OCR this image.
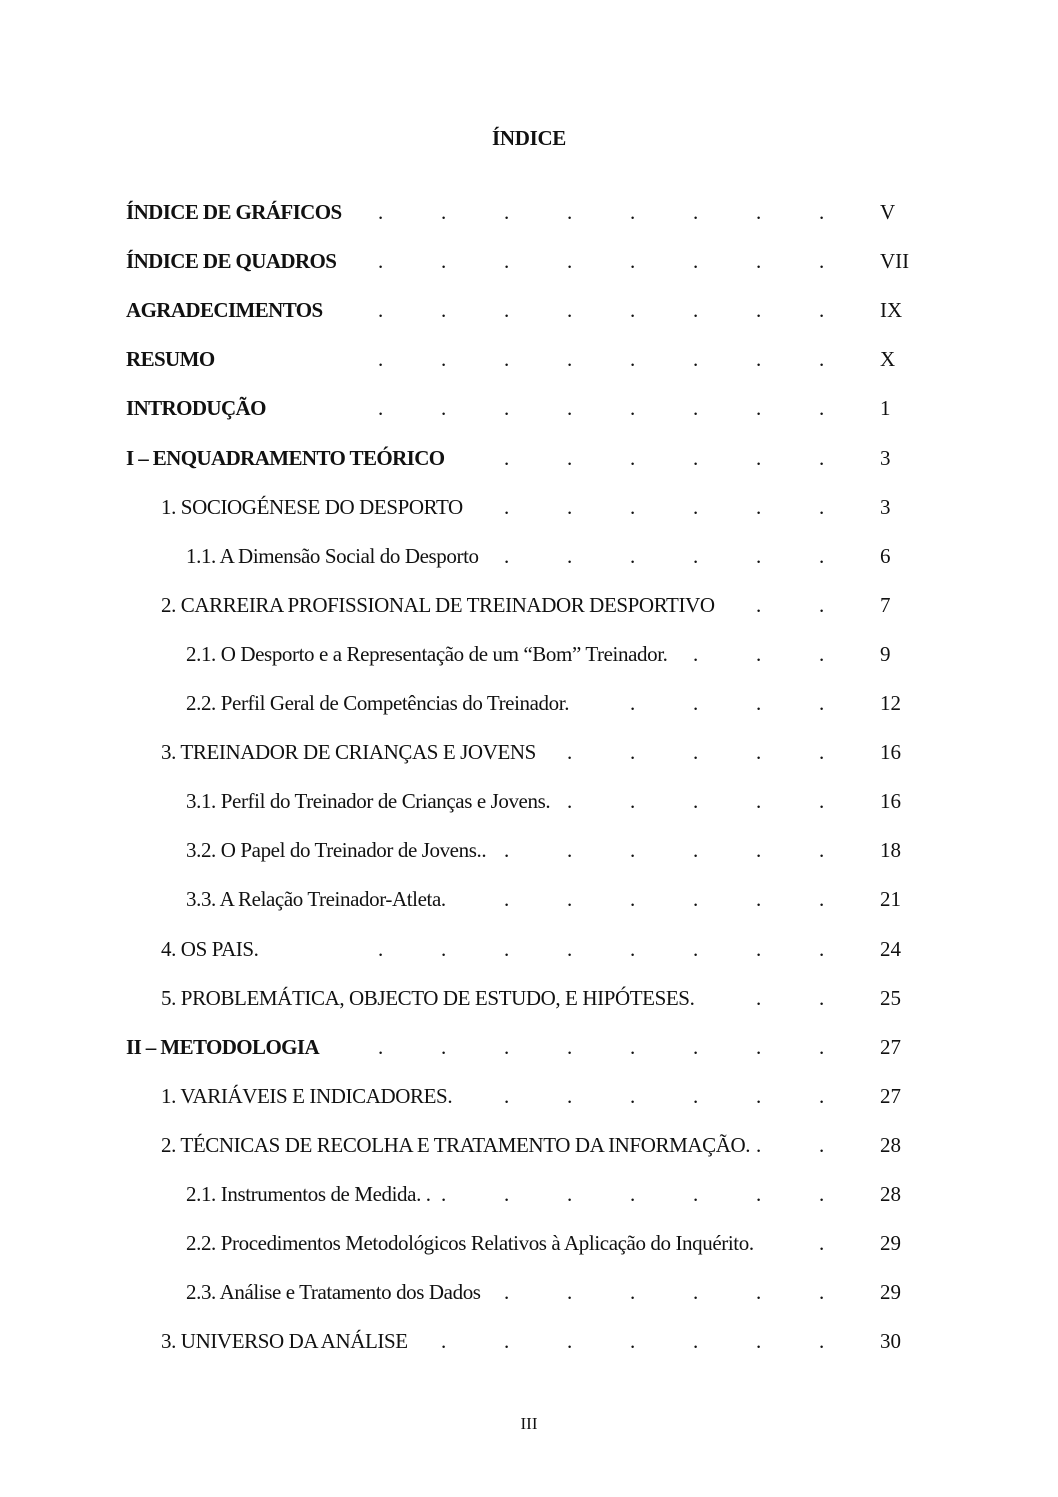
ÍNDICE
ÍNDICE DE GRÁFICOS	V
.	.	.	.	.	.	.	.
ÍNDICE DE QUADROS	VII
.	.	.	.	.	.	.	.
AGRADECIMENTOS	IX
.	.	.	.	.	.	.	.
RESUMO	X
.	.	.	.	.	.	.	.
INTRODUÇÃO	1
.	.	.	.	.	.	.	.
I – ENQUADRAMENTO TEÓRICO	3
.	.	.	.	.	.
1. SOCIOGÉNESE DO DESPORTO	3
.	.	.	.	.	.
1.1. A Dimensão Social do Desporto	6
.	.	.	.	.	.
2. CARREIRA PROFISSIONAL DE TREINADOR DESPORTIVO	7
.	.
2.1. O Desporto e a Representação de um “Bom” Treinador.	9
.	.	.
2.2. Perfil Geral de Competências do Treinador.	12
.	.	.	.
3. TREINADOR DE CRIANÇAS E JOVENS	16
.	.	.	.	.
3.1. Perfil do Treinador de Crianças e Jovens.	16
.	.	.	.	.
3.2. O Papel do Treinador de Jovens..	18
.	.	.	.	.	.
3.3. A Relação Treinador-Atleta.	21
.	.	.	.	.	.
4. OS PAIS.	24
.	.	.	.	.	.	.	.
5. PROBLEMÁTICA, OBJECTO DE ESTUDO, E HIPÓTESES.	25
.	.
II – METODOLOGIA	27
.	.	.	.	.	.	.	.
1. VARIÁVEIS E INDICADORES.	27
.	.	.	.	.	.
2. TÉCNICAS DE RECOLHA E TRATAMENTO DA INFORMAÇÃO.	28
.	.
2.1. Instrumentos de Medida. .	28
.	.	.	.	.	.	.
2.2. Procedimentos Metodológicos Relativos à Aplicação do Inquérito.	29
.
2.3. Análise e Tratamento dos Dados	29
.	.	.	.	.	.
3. UNIVERSO DA ANÁLISE	30
.	.	.	.	.	.	.
III
